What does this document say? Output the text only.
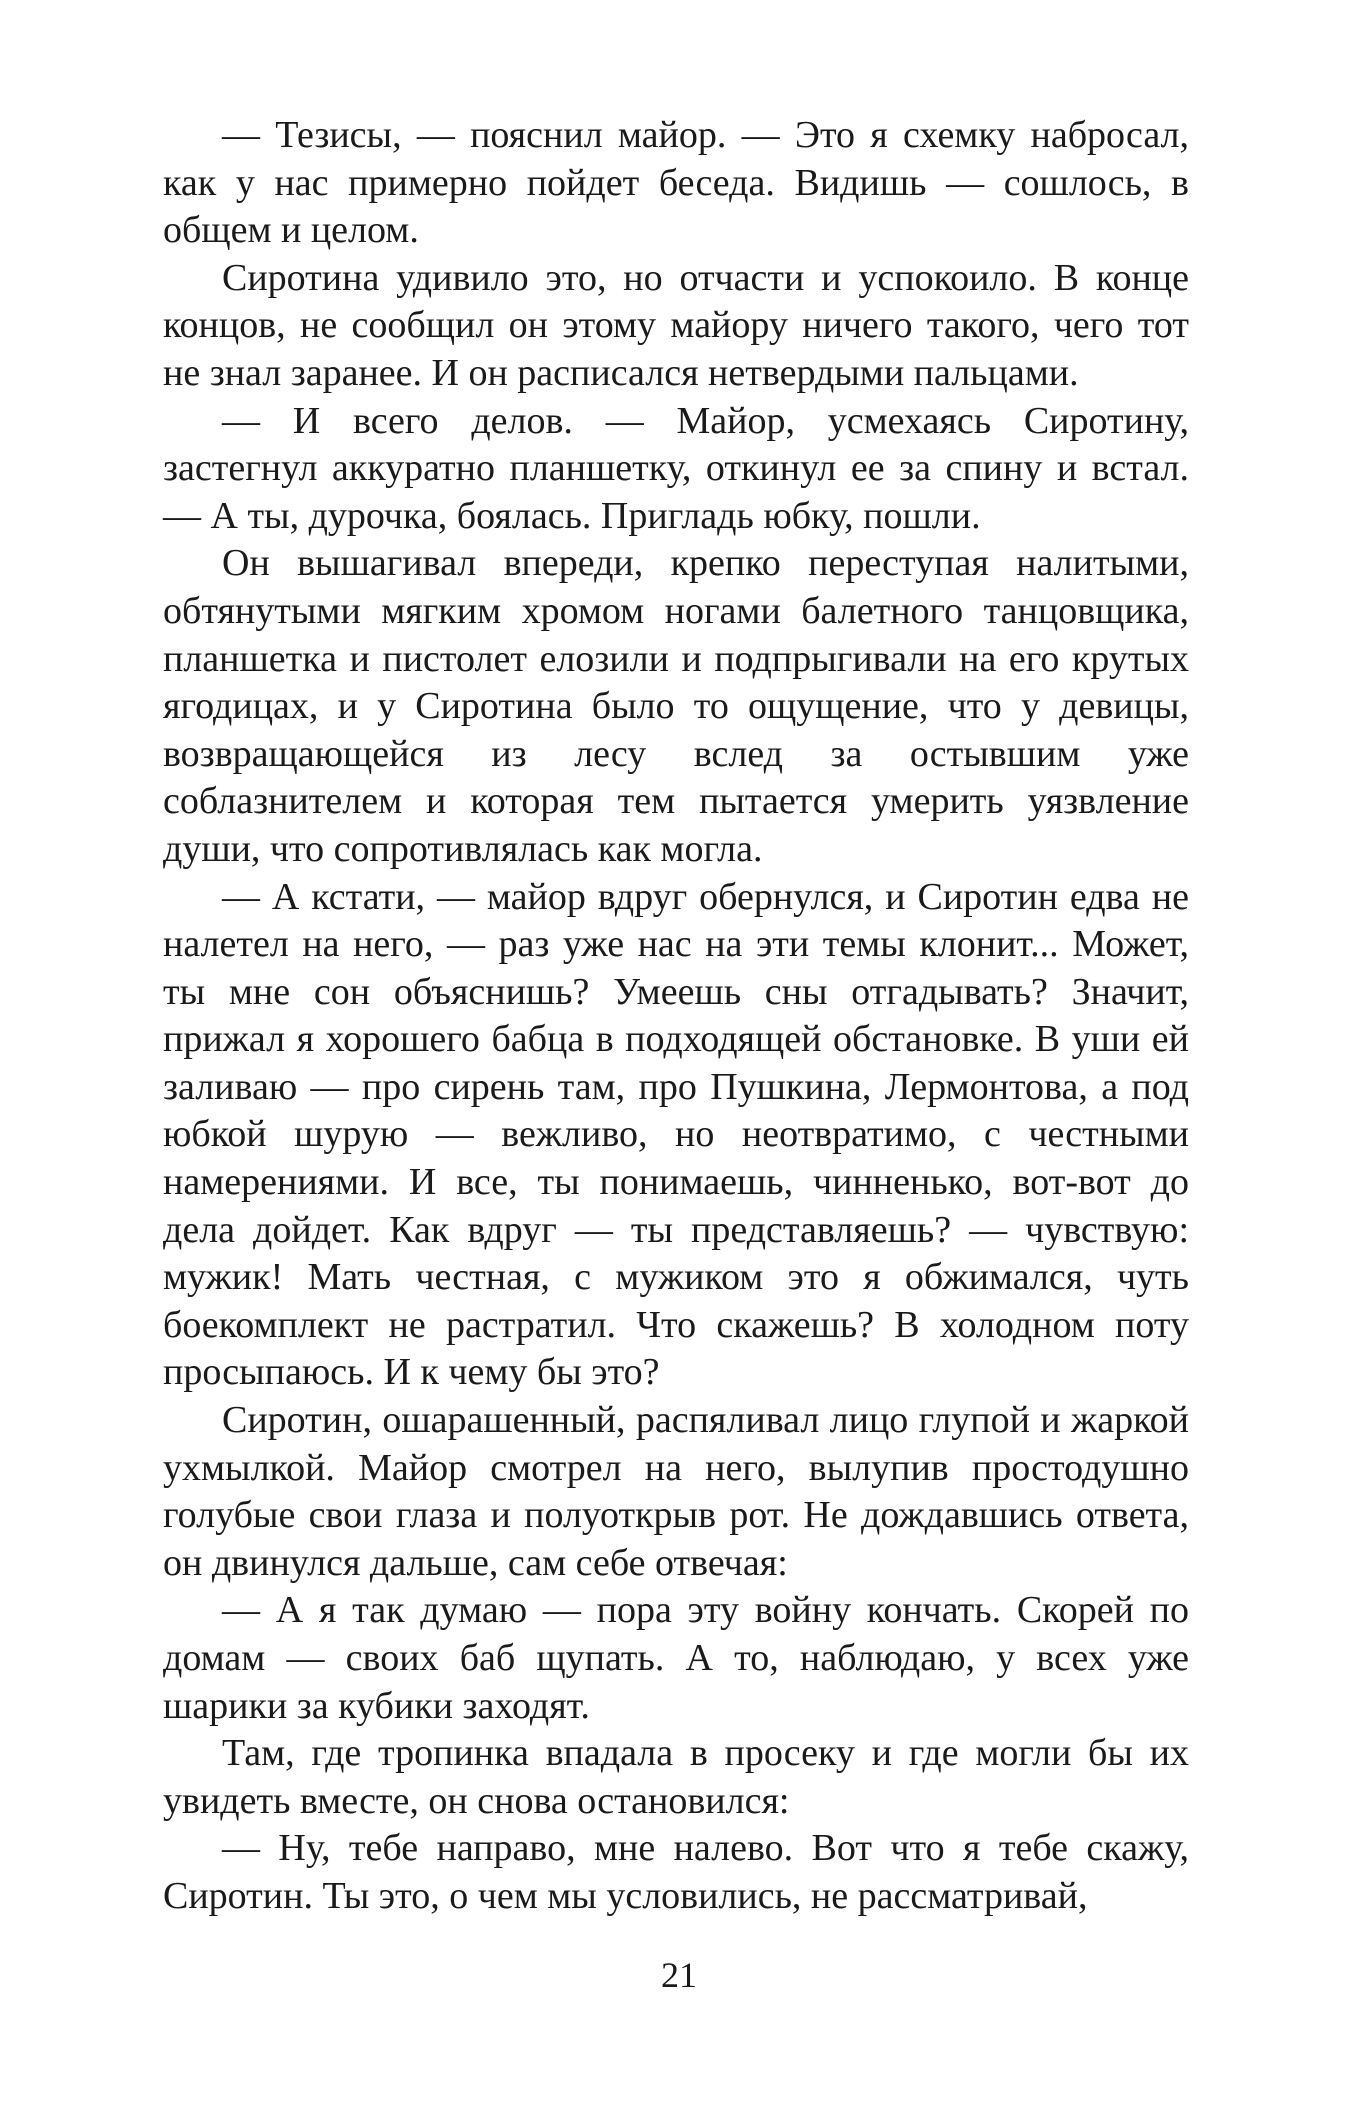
— Тезисы, — пояснил майор. — Это я схемку набросал, как у нас примерно пойдет беседа. Видишь — сошлось, в общем и целом.

Сиротина удивило это, но отчасти и успокоило. В конце концов, не сообщил он этому майору ничего такого, чего тот не знал заранее. И он расписался нетвердыми пальцами.

— И всего делов. — Майор, усмехаясь Сиротину, застегнул аккуратно планшетку, откинул ее за спину и встал. — А ты, дурочка, боялась. Пригладь юбку, пошли.

Он вышагивал впереди, крепко переступая налитыми, обтянутыми мягким хромом ногами балетного танцовщика, планшетка и пистолет елозили и подпрыгивали на его крутых ягодицах, и у Сиротина было то ощущение, что у девицы, возвращающейся из лесу вслед за остывшим уже соблазнителем и которая тем пытается умерить уязвление души, что сопротивлялась как могла.

— А кстати, — майор вдруг обернулся, и Сиротин едва не налетел на него, — раз уже нас на эти темы клонит... Может, ты мне сон объяснишь? Умеешь сны отгадывать? Значит, прижал я хорошего бабца в подходящей обстановке. В уши ей заливаю — про сирень там, про Пушкина, Лермонтова, а под юбкой шурую — вежливо, но неотвратимо, с честными намерениями. И все, ты понимаешь, чинненько, вот-вот до дела дойдет. Как вдруг — ты представляешь? — чувствую: мужик! Мать честная, с мужиком это я обжимался, чуть боекомплект не растратил. Что скажешь? В холодном поту просыпаюсь. И к чему бы это?

Сиротин, ошарашенный, распяливал лицо глупой и жаркой ухмылкой. Майор смотрел на него, вылупив простодушно голубые свои глаза и полуоткрыв рот. Не дождавшись ответа, он двинулся дальше, сам себе отвечая:

— А я так думаю — пора эту войну кончать. Скорей по домам — своих баб щупать. А то, наблюдаю, у всех уже шарики за кубики заходят.

Там, где тропинка впадала в просеку и где могли бы их увидеть вместе, он снова остановился:

— Ну, тебе направо, мне налево. Вот что я тебе скажу, Сиротин. Ты это, о чем мы условились, не рассматривай,

21
